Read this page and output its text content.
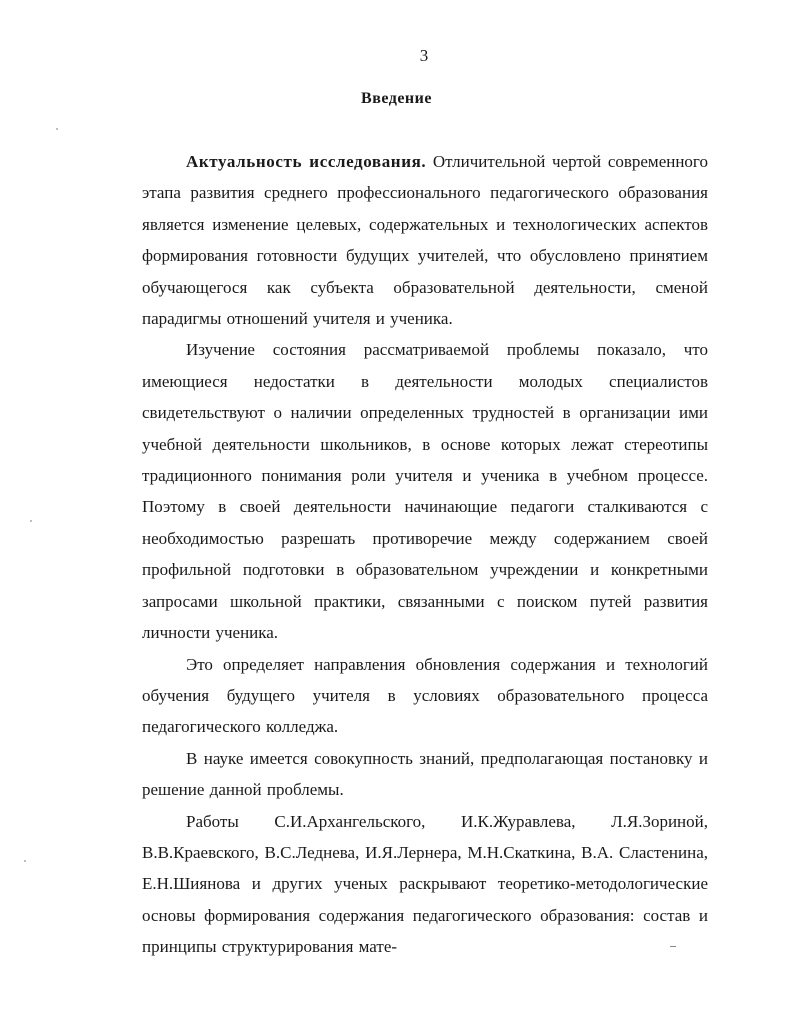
3
Введение

Актуальность исследования. Отличительной чертой современного этапа развития среднего профессионального педагогического образования является изменение целевых, содержательных и технологических аспектов формирования готовности будущих учителей, что обусловлено принятием обучающегося как субъекта образовательной деятельности, сменой парадигмы отношений учителя и ученика.

Изучение состояния рассматриваемой проблемы показало, что имеющиеся недостатки в деятельности молодых специалистов свидетельствуют о наличии определенных трудностей в организации ими учебной деятельности школьников, в основе которых лежат стереотипы традиционного понимания роли учителя и ученика в учебном процессе. Поэтому в своей деятельности начинающие педагоги сталкиваются с необходимостью разрешать противоречие между содержанием своей профильной подготовки в образовательном учреждении и конкретными запросами школьной практики, связанными с поиском путей развития личности ученика.

Это определяет направления обновления содержания и технологий обучения будущего учителя в условиях образовательного процесса педагогического колледжа.

В науке имеется совокупность знаний, предполагающая постановку и решение данной проблемы.

Работы С.И.Архангельского, И.К.Журавлева, Л.Я.Зориной, В.В.Краевского, В.С.Леднева, И.Я.Лернера, М.Н.Скаткина, В.А. Сластенина, Е.Н.Шиянова и других ученых раскрывают теоретико-методологические основы формирования содержания педагогического образования: состав и принципы структурирования мате-
